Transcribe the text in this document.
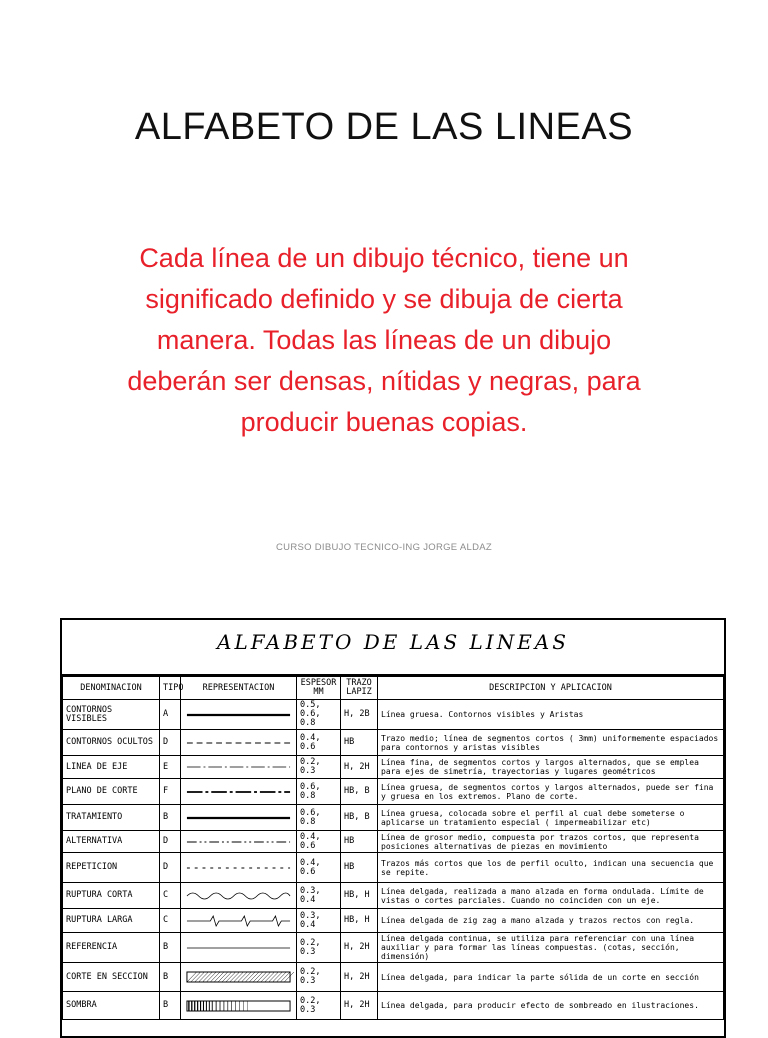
ALFABETO DE LAS LINEAS
Cada línea de un dibujo técnico, tiene un significado definido y se dibuja de cierta manera. Todas las líneas de un dibujo deberán ser densas, nítidas y negras, para producir buenas copias.
CURSO DIBUJO TECNICO-ING JORGE ALDAZ
ALFABETO DE LAS LINEAS
DENOMINACION	TIPO	REPRESENTACION	ESPESOR MM	TRAZO LAPIZ	DESCRIPCION Y APLICACION
CONTORNOS VISIBLES	A		0.5, 0.6, 0.8	H, 2B	Línea gruesa. Contornos visibles y Aristas
CONTORNOS OCULTOS	D		0.4, 0.6	HB	Trazo medio; línea de segmentos cortos ( 3mm) uniformemente espaciados para contornos y aristas visibles
LINEA DE EJE	E		0.2, 0.3	H, 2H	Línea fina, de segmentos cortos y largos alternados, que se emplea para ejes de simetría, trayectorias y lugares geométricos
PLANO DE CORTE	F		0.6, 0.8	HB, B	Línea gruesa, de segmentos cortos y largos alternados, puede ser fina y gruesa en los extremos. Plano de corte.
TRATAMIENTO	B		0.6, 0.8	HB, B	Línea gruesa, colocada sobre el perfil al cual debe someterse o aplicarse un tratamiento especial ( impermeabilizar etc)
ALTERNATIVA	D		0.4, 0.6	HB	Línea de grosor medio, compuesta por trazos cortos, que representa posiciones alternativas de piezas en movimiento
REPETICION	D		0.4, 0.6	HB	Trazos más cortos que los de perfil oculto, indican una secuencia que se repite.
RUPTURA CORTA	C		0.3, 0.4	HB, H	Línea delgada, realizada a mano alzada en forma ondulada. Límite de vistas o cortes parciales. Cuando no coinciden con un eje.
RUPTURA LARGA	C		0.3, 0.4	HB, H	Línea delgada de zig zag a mano alzada y trazos rectos con regla.
REFERENCIA	B		0.2, 0.3	H, 2H	Línea delgada continua, se utiliza para referenciar con una línea auxiliar y para formar las líneas compuestas. (cotas, sección, dimensión)
CORTE EN SECCION	B		0.2, 0.3	H, 2H	Línea delgada, para indicar la parte sólida de un corte en sección
SOMBRA	B		0.2, 0.3	H, 2H	Línea delgada, para producir efecto de sombreado en ilustraciones.
